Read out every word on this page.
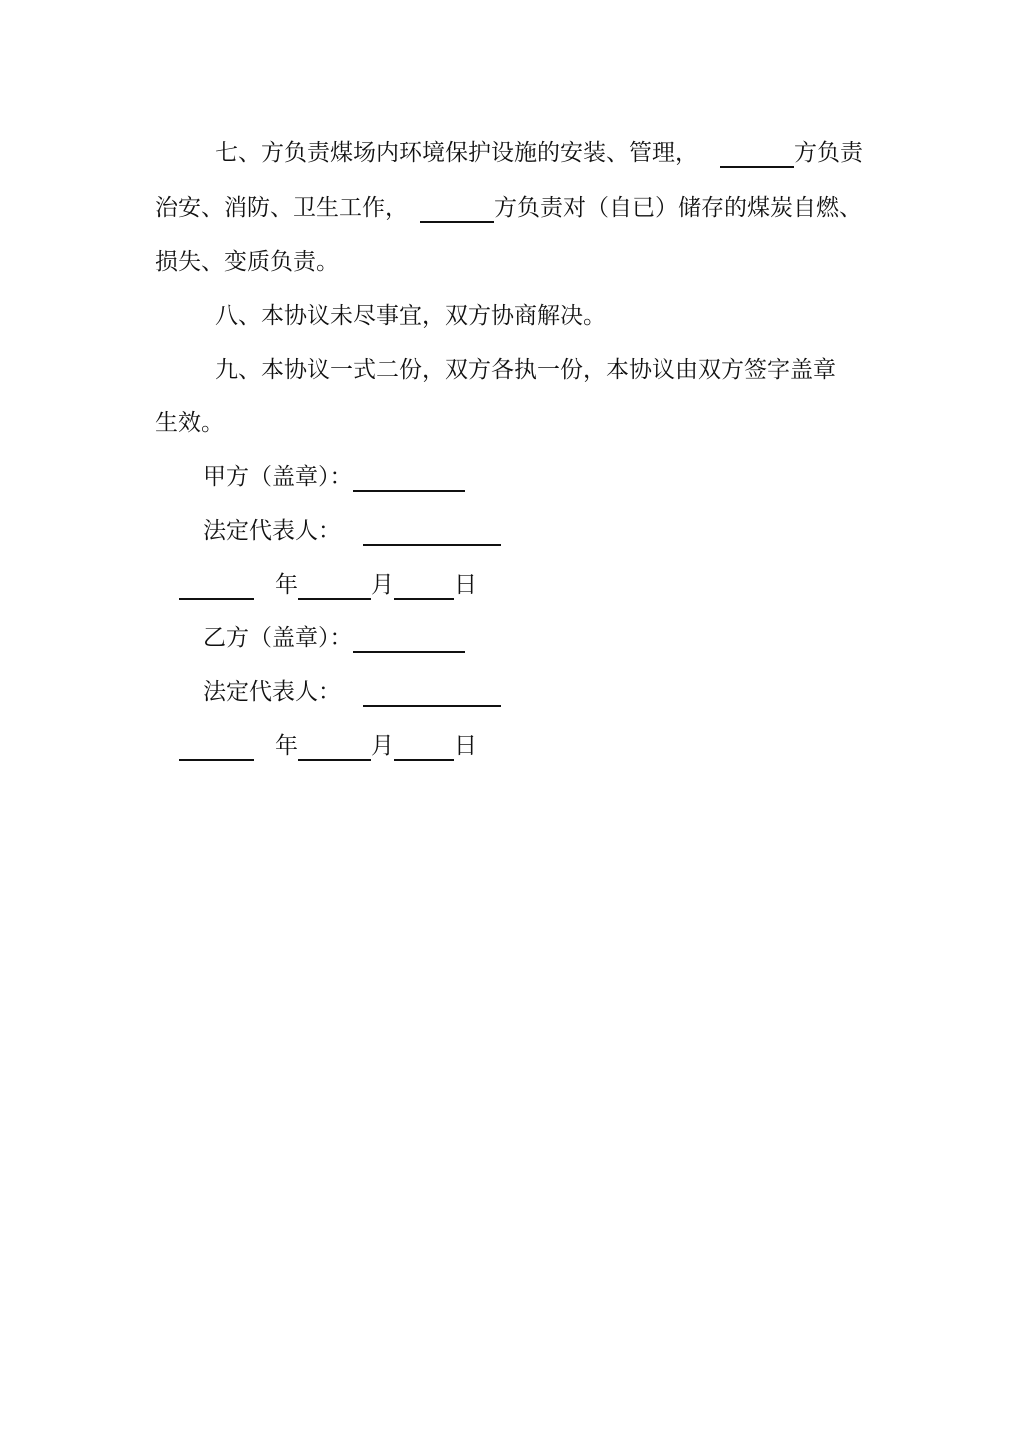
七、方负责煤场内环境保护设施的安装、管理，	方负责
治安、消防、卫生工作，	方负责对（自已）储存的煤炭自燃、
损失、变质负责。
八、本协议未尽事宜，双方协商解决。
九、本协议一式二份，双方各执一份，本协议由双方签字盖章
生效。
甲方（盖章）：
法定代表人：
年	月	日
乙方（盖章）：
法定代表人：
年	月	日
